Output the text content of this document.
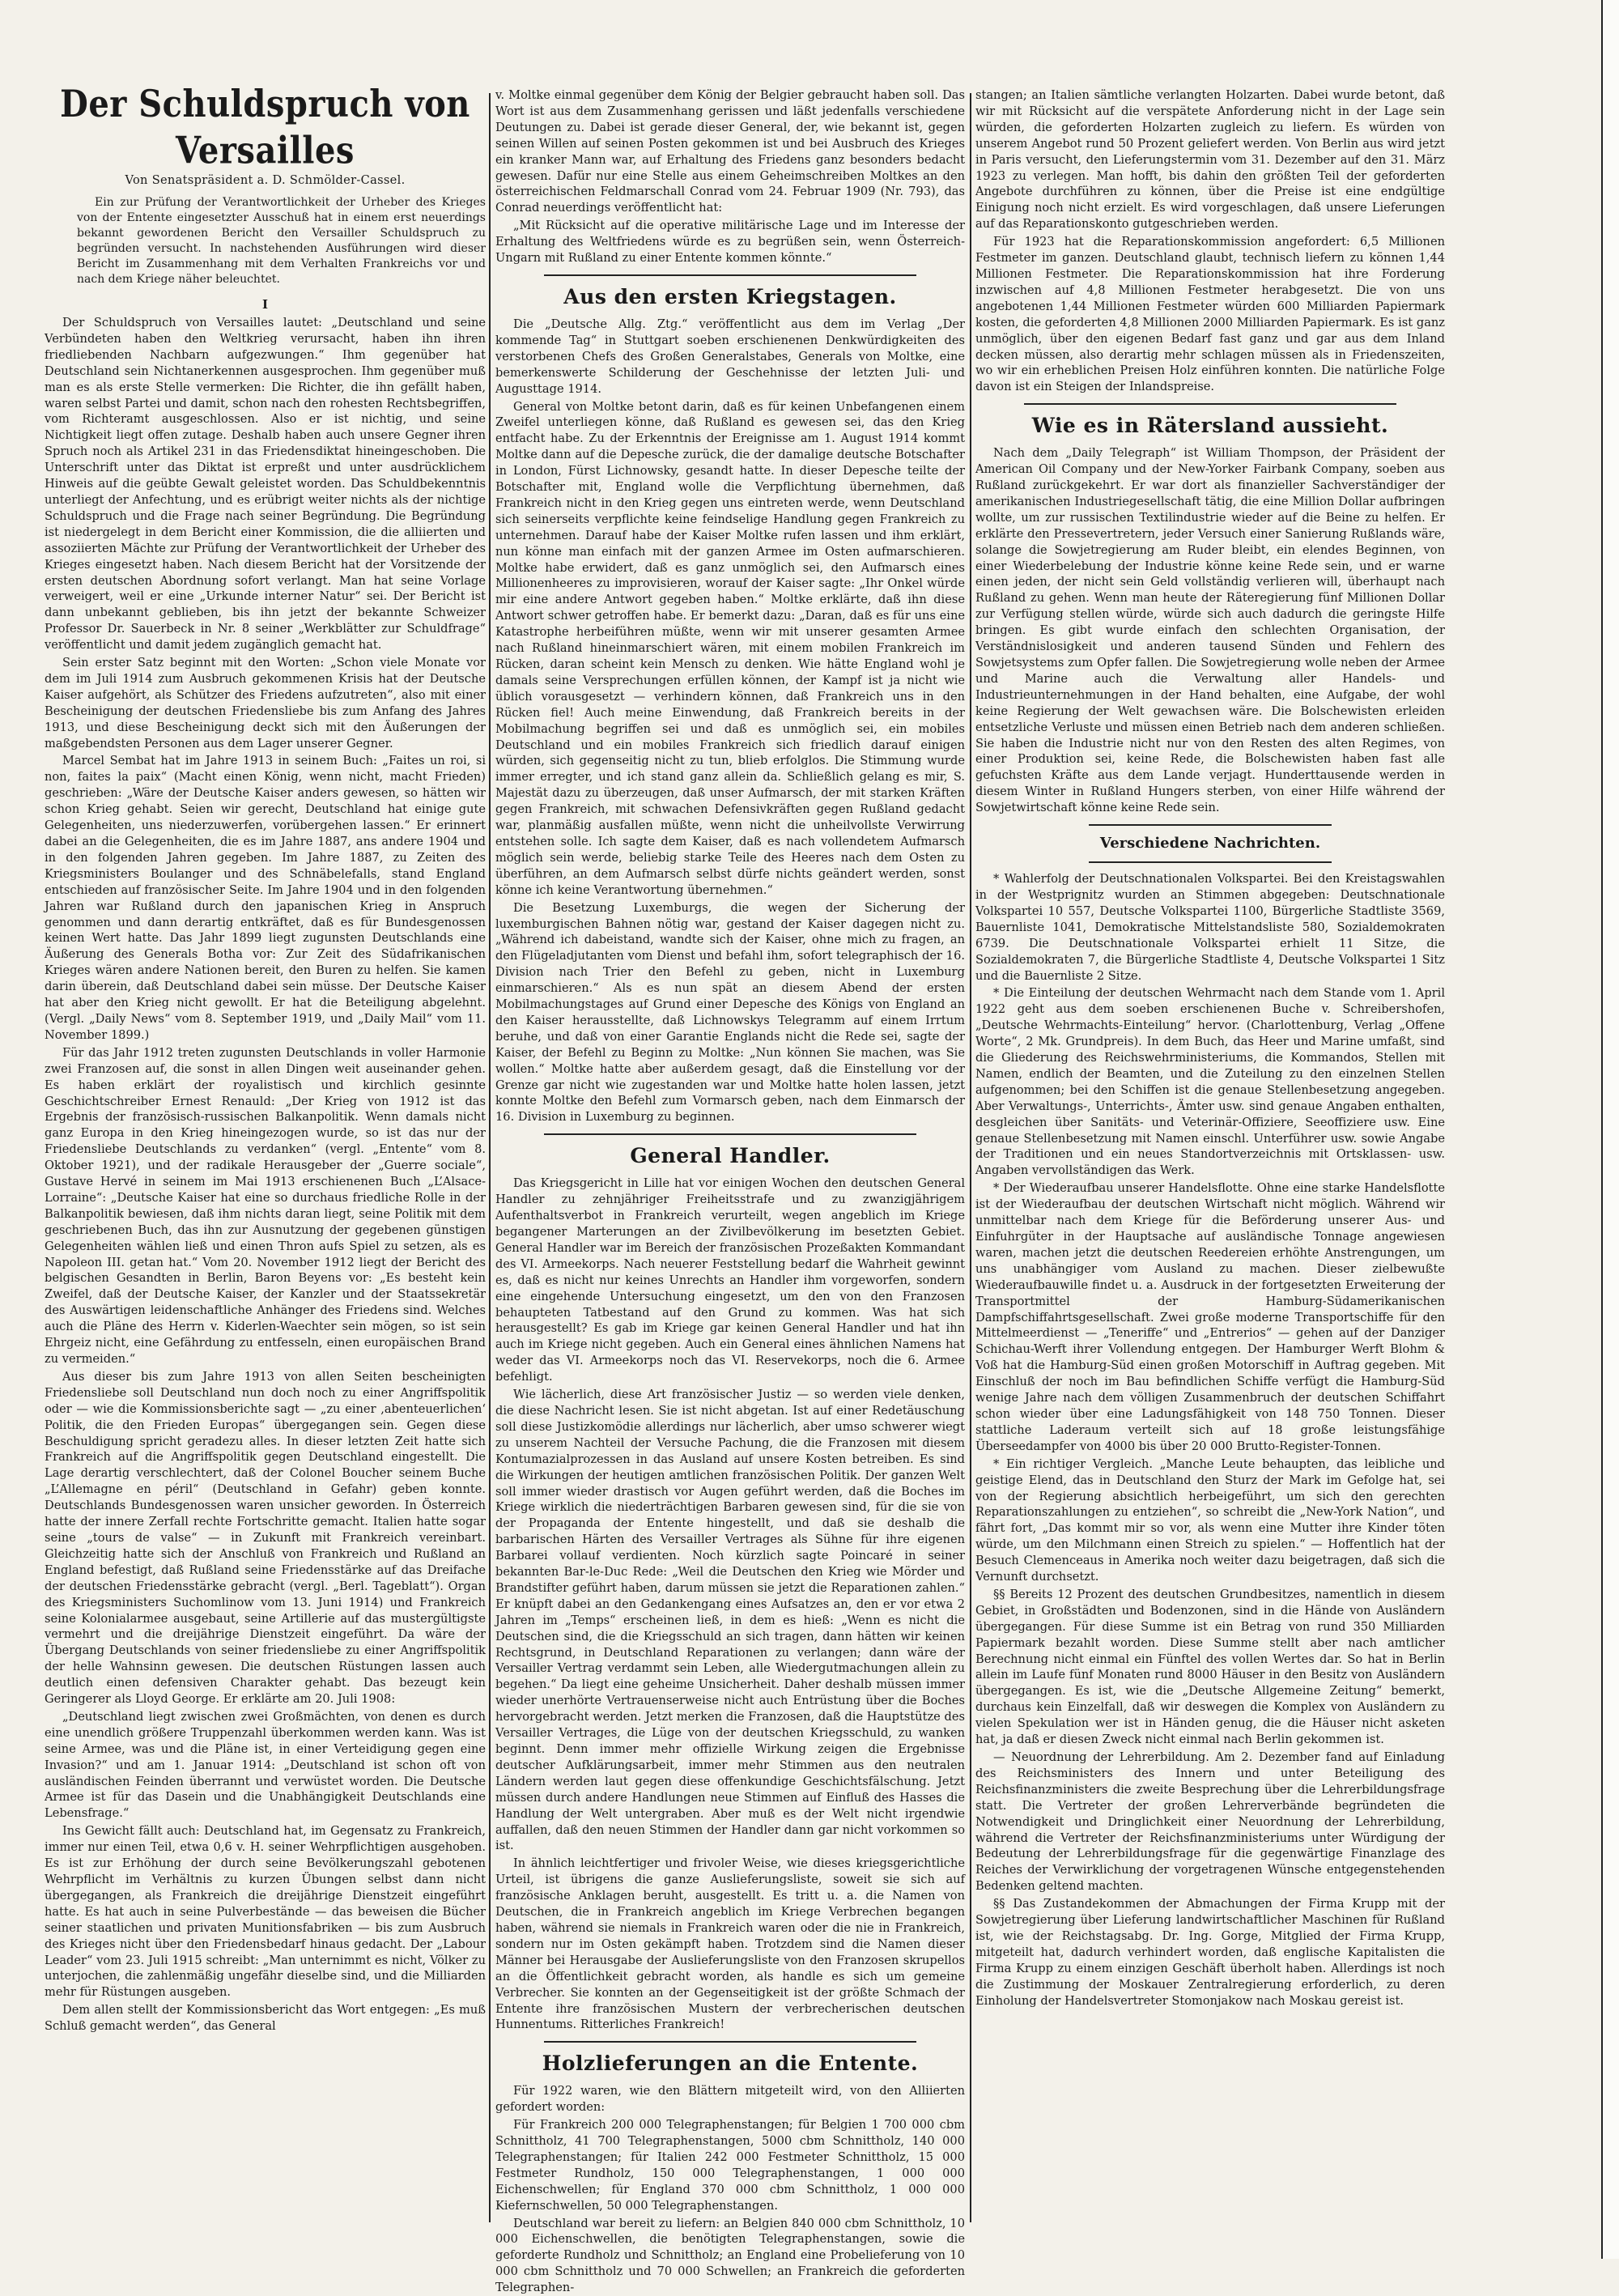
Der Schuldspruch von Versailles
Von Senatspräsident a. D. Schmölder-Cassel.

Ein zur Prüfung der Verantwortlichkeit der Urheber des Krieges von der Entente eingesetzter Ausschuß hat in einem erst neuerdings bekannt gewordenen Bericht den Versailler Schuldspruch zu begründen versucht. In nachstehenden Ausführungen wird dieser Bericht im Zusammenhang mit dem Verhalten Frankreichs vor und nach dem Kriege näher beleuchtet.

I

Der Schuldspruch von Versailles lautet: „Deutschland und seine Verbündeten haben den Weltkrieg verursacht, haben ihn ihren friedliebenden Nachbarn aufgezwungen.“ Ihm gegenüber hat Deutschland sein Nichtanerkennen ausgesprochen. Ihm gegenüber muß man es als erste Stelle vermerken: Die Richter, die ihn gefällt haben, waren selbst Partei und damit, schon nach den rohesten Rechtsbegriffen, vom Richteramt ausgeschlossen. Also er ist nichtig, und seine Nichtigkeit liegt offen zutage. Deshalb haben auch unsere Gegner ihren Spruch noch als Artikel 231 in das Friedensdiktat hineingeschoben. Die Unterschrift unter das Diktat ist erpreßt und unter ausdrücklichem Hinweis auf die geübte Gewalt geleistet worden. Das Schuldbekenntnis unterliegt der Anfechtung, und es erübrigt weiter nichts als der nichtige Schuldspruch und die Frage nach seiner Begründung. Die Begründung ist niedergelegt in dem Bericht einer Kommission, die die alliierten und assoziierten Mächte zur Prüfung der Verantwortlichkeit der Urheber des Krieges eingesetzt haben. Nach diesem Bericht hat der Vorsitzende der ersten deutschen Abordnung sofort verlangt. Man hat seine Vorlage verweigert, weil er eine „Urkunde interner Natur“ sei. Der Bericht ist dann unbekannt geblieben, bis ihn jetzt der bekannte Schweizer Professor Dr. Sauerbeck in Nr. 8 seiner „Werkblätter zur Schuldfrage“ veröffentlicht und damit jedem zugänglich gemacht hat.

Sein erster Satz beginnt mit den Worten: „Schon viele Monate vor dem im Juli 1914 zum Ausbruch gekommenen Krisis hat der Deutsche Kaiser aufgehört, als Schützer des Friedens aufzutreten“, also mit einer Bescheinigung der deutschen Friedensliebe bis zum Anfang des Jahres 1913, und diese Bescheinigung deckt sich mit den Äußerungen der maßgebendsten Personen aus dem Lager unserer Gegner.

Marcel Sembat hat im Jahre 1913 in seinem Buch: „Faites un roi, si non, faites la paix“ (Macht einen König, wenn nicht, macht Frieden) geschrieben: „Wäre der Deutsche Kaiser anders gewesen, so hätten wir schon Krieg gehabt. Seien wir gerecht, Deutschland hat einige gute Gelegenheiten, uns niederzuwerfen, vorübergehen lassen.“ Er erinnert dabei an die Gelegenheiten, die es im Jahre 1887, ans andere 1904 und in den folgenden Jahren gegeben. Im Jahre 1887, zu Zeiten des Kriegsministers Boulanger und des Schnäbelefalls, stand England entschieden auf französischer Seite. Im Jahre 1904 und in den folgenden Jahren war Rußland durch den japanischen Krieg in Anspruch genommen und dann derartig entkräftet, daß es für Bundesgenossen keinen Wert hatte. Das Jahr 1899 liegt zugunsten Deutschlands eine Äußerung des Generals Botha vor: Zur Zeit des Südafrikanischen Krieges wären andere Nationen bereit, den Buren zu helfen. Sie kamen darin überein, daß Deutschland dabei sein müsse. Der Deutsche Kaiser hat aber den Krieg nicht gewollt. Er hat die Beteiligung abgelehnt. (Vergl. „Daily News“ vom 8. September 1919, und „Daily Mail“ vom 11. November 1899.)

Für das Jahr 1912 treten zugunsten Deutschlands in voller Harmonie zwei Franzosen auf, die sonst in allen Dingen weit auseinander gehen. Es haben erklärt der royalistisch und kirchlich gesinnte Geschichtschreiber Ernest Renauld: „Der Krieg von 1912 ist das Ergebnis der französisch-russischen Balkanpolitik. Wenn damals nicht ganz Europa in den Krieg hineingezogen wurde, so ist das nur der Friedensliebe Deutschlands zu verdanken“ (vergl. „Entente“ vom 8. Oktober 1921), und der radikale Herausgeber der „Guerre sociale“, Gustave Hervé in seinem im Mai 1913 erschienenen Buch „L’Alsace-Lorraine“: „Deutsche Kaiser hat eine so durchaus friedliche Rolle in der Balkanpolitik bewiesen, daß ihm nichts daran liegt, seine Politik mit dem geschriebenen Buch, das ihn zur Ausnutzung der gegebenen günstigen Gelegenheiten wählen ließ und einen Thron aufs Spiel zu setzen, als es Napoleon III. getan hat.“ Vom 20. November 1912 liegt der Bericht des belgischen Gesandten in Berlin, Baron Beyens vor: „Es besteht kein Zweifel, daß der Deutsche Kaiser, der Kanzler und der Staatssekretär des Auswärtigen leidenschaftliche Anhänger des Friedens sind. Welches auch die Pläne des Herrn v. Kiderlen-Waechter sein mögen, so ist sein Ehrgeiz nicht, eine Gefährdung zu entfesseln, einen europäischen Brand zu vermeiden.“

Aus dieser bis zum Jahre 1913 von allen Seiten bescheinigten Friedensliebe soll Deutschland nun doch noch zu einer Angriffspolitik oder — wie die Kommissionsberichte sagt — „zu einer ‚abenteuerlichen‘ Politik, die den Frieden Europas“ übergegangen sein. Gegen diese Beschuldigung spricht geradezu alles. In dieser letzten Zeit hatte sich Frankreich auf die Angriffspolitik gegen Deutschland eingestellt. Die Lage derartig verschlechtert, daß der Colonel Boucher seinem Buche „L’Allemagne en péril“ (Deutschland in Gefahr) geben konnte. Deutschlands Bundesgenossen waren unsicher geworden. In Österreich hatte der innere Zerfall rechte Fortschritte gemacht. Italien hatte sogar seine „tours de valse“ — in Zukunft mit Frankreich vereinbart. Gleichzeitig hatte sich der Anschluß von Frankreich und Rußland an England befestigt, daß Rußland seine Friedensstärke auf das Dreifache der deutschen Friedensstärke gebracht (vergl. „Berl. Tageblatt“). Organ des Kriegsministers Suchomlinow vom 13. Juni 1914) und Frankreich seine Kolonialarmee ausgebaut, seine Artillerie auf das mustergültigste vermehrt und die dreijährige Dienstzeit eingeführt. Da wäre der Übergang Deutschlands von seiner friedensliebe zu einer Angriffspolitik der helle Wahnsinn gewesen. Die deutschen Rüstungen lassen auch deutlich einen defensiven Charakter gehabt. Das bezeugt kein Geringerer als Lloyd George. Er erklärte am 20. Juli 1908:

„Deutschland liegt zwischen zwei Großmächten, von denen es durch eine unendlich größere Truppenzahl überkommen werden kann. Was ist seine Armee, was und die Pläne ist, in einer Verteidigung gegen eine Invasion?“ und am 1. Januar 1914: „Deutschland ist schon oft von ausländischen Feinden überrannt und verwüstet worden. Die Deutsche Armee ist für das Dasein und die Unabhängigkeit Deutschlands eine Lebensfrage.“

Ins Gewicht fällt auch: Deutschland hat, im Gegensatz zu Frankreich, immer nur einen Teil, etwa 0,6 v. H. seiner Wehrpflichtigen ausgehoben. Es ist zur Erhöhung der durch seine Bevölkerungszahl gebotenen Wehrpflicht im Verhältnis zu kurzen Übungen selbst dann nicht übergegangen, als Frankreich die dreijährige Dienstzeit eingeführt hatte. Es hat auch in seine Pulverbestände — das beweisen die Bücher seiner staatlichen und privaten Munitionsfabriken — bis zum Ausbruch des Krieges nicht über den Friedensbedarf hinaus gedacht. Der „Labour Leader“ vom 23. Juli 1915 schreibt: „Man unternimmt es nicht, Völker zu unterjochen, die zahlenmäßig ungefähr dieselbe sind, und die Milliarden mehr für Rüstungen ausgeben.

Dem allen stellt der Kommissionsbericht das Wort entgegen: „Es muß Schluß gemacht werden“, das General

v. Moltke einmal gegenüber dem König der Belgier gebraucht haben soll. Das Wort ist aus dem Zusammenhang gerissen und läßt jedenfalls verschiedene Deutungen zu. Dabei ist gerade dieser General, der, wie bekannt ist, gegen seinen Willen auf seinen Posten gekommen ist und bei Ausbruch des Krieges ein kranker Mann war, auf Erhaltung des Friedens ganz besonders bedacht gewesen. Dafür nur eine Stelle aus einem Geheimschreiben Moltkes an den österreichischen Feldmarschall Conrad vom 24. Februar 1909 (Nr. 793), das Conrad neuerdings veröffentlicht hat:

„Mit Rücksicht auf die operative militärische Lage und im Interesse der Erhaltung des Weltfriedens würde es zu begrüßen sein, wenn Österreich-Ungarn mit Rußland zu einer Entente kommen könnte.“

Aus den ersten Kriegstagen.

Die „Deutsche Allg. Ztg.“ veröffentlicht aus dem im Verlag „Der kommende Tag“ in Stuttgart soeben erschienenen Denkwürdigkeiten des verstorbenen Chefs des Großen Generalstabes, Generals von Moltke, eine bemerkenswerte Schilderung der Geschehnisse der letzten Juli- und Augusttage 1914.

General von Moltke betont darin, daß es für keinen Unbefangenen einem Zweifel unterliegen könne, daß Rußland es gewesen sei, das den Krieg entfacht habe. Zu der Erkenntnis der Ereignisse am 1. August 1914 kommt Moltke dann auf die Depesche zurück, die der damalige deutsche Botschafter in London, Fürst Lichnowsky, gesandt hatte. In dieser Depesche teilte der Botschafter mit, England wolle die Verpflichtung übernehmen, daß Frankreich nicht in den Krieg gegen uns eintreten werde, wenn Deutschland sich seinerseits verpflichte keine feindselige Handlung gegen Frankreich zu unternehmen. Darauf habe der Kaiser Moltke rufen lassen und ihm erklärt, nun könne man einfach mit der ganzen Armee im Osten aufmarschieren. Moltke habe erwidert, daß es ganz unmöglich sei, den Aufmarsch eines Millionenheeres zu improvisieren, worauf der Kaiser sagte: „Ihr Onkel würde mir eine andere Antwort gegeben haben.“ Moltke erklärte, daß ihn diese Antwort schwer getroffen habe. Er bemerkt dazu: „Daran, daß es für uns eine Katastrophe herbeiführen müßte, wenn wir mit unserer gesamten Armee nach Rußland hineinmarschiert wären, mit einem mobilen Frankreich im Rücken, daran scheint kein Mensch zu denken. Wie hätte England wohl je damals seine Versprechungen erfüllen können, der Kampf ist ja nicht wie üblich vorausgesetzt — verhindern können, daß Frankreich uns in den Rücken fiel! Auch meine Einwendung, daß Frankreich bereits in der Mobilmachung begriffen sei und daß es unmöglich sei, ein mobiles Deutschland und ein mobiles Frankreich sich friedlich darauf einigen würden, sich gegenseitig nicht zu tun, blieb erfolglos. Die Stimmung wurde immer erregter, und ich stand ganz allein da. Schließlich gelang es mir, S. Majestät dazu zu überzeugen, daß unser Aufmarsch, der mit starken Kräften gegen Frankreich, mit schwachen Defensivkräften gegen Rußland gedacht war, planmäßig ausfallen müßte, wenn nicht die unheilvollste Verwirrung entstehen solle. Ich sagte dem Kaiser, daß es nach vollendetem Aufmarsch möglich sein werde, beliebig starke Teile des Heeres nach dem Osten zu überführen, an dem Aufmarsch selbst dürfe nichts geändert werden, sonst könne ich keine Verantwortung übernehmen.“

Die Besetzung Luxemburgs, die wegen der Sicherung der luxemburgischen Bahnen nötig war, gestand der Kaiser dagegen nicht zu. „Während ich dabeistand, wandte sich der Kaiser, ohne mich zu fragen, an den Flügeladjutanten vom Dienst und befahl ihm, sofort telegraphisch der 16. Division nach Trier den Befehl zu geben, nicht in Luxemburg einmarschieren.“ Als es nun spät an diesem Abend der ersten Mobilmachungstages auf Grund einer Depesche des Königs von England an den Kaiser herausstellte, daß Lichnowskys Telegramm auf einem Irrtum beruhe, und daß von einer Garantie Englands nicht die Rede sei, sagte der Kaiser, der Befehl zu Beginn zu Moltke: „Nun können Sie machen, was Sie wollen.“ Moltke hatte aber außerdem gesagt, daß die Einstellung vor der Grenze gar nicht wie zugestanden war und Moltke hatte holen lassen, jetzt konnte Moltke den Befehl zum Vormarsch geben, nach dem Einmarsch der 16. Division in Luxemburg zu beginnen.

General Handler.

Das Kriegsgericht in Lille hat vor einigen Wochen den deutschen General Handler zu zehnjähriger Freiheitsstrafe und zu zwanzigjährigem Aufenthaltsverbot in Frankreich verurteilt, wegen angeblich im Kriege begangener Marterungen an der Zivilbevölkerung im besetzten Gebiet. General Handler war im Bereich der französischen Prozeßakten Kommandant des VI. Armeekorps. Nach neuerer Feststellung bedarf die Wahrheit gewinnt es, daß es nicht nur keines Unrechts an Handler ihm vorgeworfen, sondern eine eingehende Untersuchung eingesetzt, um den von den Franzosen behaupteten Tatbestand auf den Grund zu kommen. Was hat sich herausgestellt? Es gab im Kriege gar keinen General Handler und hat ihn auch im Kriege nicht gegeben. Auch ein General eines ähnlichen Namens hat weder das VI. Armeekorps noch das VI. Reservekorps, noch die 6. Armee befehligt.

Wie lächerlich, diese Art französischer Justiz — so werden viele denken, die diese Nachricht lesen. Sie ist nicht abgetan. Ist auf einer Redetäuschung soll diese Justizkomödie allerdings nur lächerlich, aber umso schwerer wiegt zu unserem Nachteil der Versuche Pachung, die die Franzosen mit diesem Kontumazialprozessen in das Ausland auf unsere Kosten betreiben. Es sind die Wirkungen der heutigen amtlichen französischen Politik. Der ganzen Welt soll immer wieder drastisch vor Augen geführt werden, daß die Boches im Kriege wirklich die niederträchtigen Barbaren gewesen sind, für die sie von der Propaganda der Entente hingestellt, und daß sie deshalb die barbarischen Härten des Versailler Vertrages als Sühne für ihre eigenen Barbarei vollauf verdienten. Noch kürzlich sagte Poincaré in seiner bekannten Bar-le-Duc Rede: „Weil die Deutschen den Krieg wie Mörder und Brandstifter geführt haben, darum müssen sie jetzt die Reparationen zahlen.“ Er knüpft dabei an den Gedankengang eines Aufsatzes an, den er vor etwa 2 Jahren im „Temps“ erscheinen ließ, in dem es hieß: „Wenn es nicht die Deutschen sind, die die Kriegsschuld an sich tragen, dann hätten wir keinen Rechtsgrund, in Deutschland Reparationen zu verlangen; dann wäre der Versailler Vertrag verdammt sein Leben, alle Wiedergutmachungen allein zu begehen.“ Da liegt eine geheime Unsicherheit. Daher deshalb müssen immer wieder unerhörte Vertrauenserweise nicht auch Entrüstung über die Boches hervorgebracht werden. Jetzt merken die Franzosen, daß die Hauptstütze des Versailler Vertrages, die Lüge von der deutschen Kriegsschuld, zu wanken beginnt. Denn immer mehr offizielle Wirkung zeigen die Ergebnisse deutscher Aufklärungsarbeit, immer mehr Stimmen aus den neutralen Ländern werden laut gegen diese offenkundige Geschichtsfälschung. Jetzt müssen durch andere Handlungen neue Stimmen auf Einfluß des Hasses die Handlung der Welt untergraben. Aber muß es der Welt nicht irgendwie auffallen, daß den neuen Stimmen der Handler dann gar nicht vorkommen so ist.

In ähnlich leichtfertiger und frivoler Weise, wie dieses kriegsgerichtliche Urteil, ist übrigens die ganze Auslieferungsliste, soweit sie sich auf französische Anklagen beruht, ausgestellt. Es tritt u. a. die Namen von Deutschen, die in Frankreich angeblich im Kriege Verbrechen begangen haben, während sie niemals in Frankreich waren oder die nie in Frankreich, sondern nur im Osten gekämpft haben. Trotzdem sind die Namen dieser Männer bei Herausgabe der Auslieferungsliste von den Franzosen skrupellos an die Öffentlichkeit gebracht worden, als handle es sich um gemeine Verbrecher. Sie konnten an der Gegenseitigkeit ist der größte Schmach der Entente ihre französischen Mustern der verbrecherischen deutschen Hunnentums. Ritterliches Frankreich!

Holzlieferungen an die Entente.

Für 1922 waren, wie den Blättern mitgeteilt wird, von den Alliierten gefordert worden:

Für Frankreich 200 000 Telegraphenstangen; für Belgien 1 700 000 cbm Schnittholz, 41 700 Telegraphenstangen, 5000 cbm Schnittholz, 140 000 Telegraphenstangen; für Italien 242 000 Festmeter Schnittholz, 15 000 Festmeter Rundholz, 150 000 Telegraphenstangen, 1 000 000 Eichenschwellen; für England 370 000 cbm Schnittholz, 1 000 000 Kiefernschwellen, 50 000 Telegraphenstangen.

Deutschland war bereit zu liefern: an Belgien 840 000 cbm Schnittholz, 10 000 Eichenschwellen, die benötigten Telegraphenstangen, sowie die geforderte Rundholz und Schnittholz; an England eine Probelieferung von 10 000 cbm Schnittholz und 70 000 Schwellen; an Frankreich die geforderten Telegraphen-

stangen; an Italien sämtliche verlangten Holzarten. Dabei wurde betont, daß wir mit Rücksicht auf die verspätete Anforderung nicht in der Lage sein würden, die geforderten Holzarten zugleich zu liefern. Es würden von unserem Angebot rund 50 Prozent geliefert werden. Von Berlin aus wird jetzt in Paris versucht, den Lieferungstermin vom 31. Dezember auf den 31. März 1923 zu verlegen. Man hofft, bis dahin den größten Teil der geforderten Angebote durchführen zu können, über die Preise ist eine endgültige Einigung noch nicht erzielt. Es wird vorgeschlagen, daß unsere Lieferungen auf das Reparationskonto gutgeschrieben werden.

Für 1923 hat die Reparationskommission angefordert: 6,5 Millionen Festmeter im ganzen. Deutschland glaubt, technisch liefern zu können 1,44 Millionen Festmeter. Die Reparationskommission hat ihre Forderung inzwischen auf 4,8 Millionen Festmeter herabgesetzt. Die von uns angebotenen 1,44 Millionen Festmeter würden 600 Milliarden Papiermark kosten, die geforderten 4,8 Millionen 2000 Milliarden Papiermark. Es ist ganz unmöglich, über den eigenen Bedarf fast ganz und gar aus dem Inland decken müssen, also derartig mehr schlagen müssen als in Friedenszeiten, wo wir ein erheblichen Preisen Holz einführen konnten. Die natürliche Folge davon ist ein Steigen der Inlandspreise.

Wie es in Rätersland aussieht.

Nach dem „Daily Telegraph“ ist William Thompson, der Präsident der American Oil Company und der New-Yorker Fairbank Company, soeben aus Rußland zurückgekehrt. Er war dort als finanzieller Sachverständiger der amerikanischen Industriegesellschaft tätig, die eine Million Dollar aufbringen wollte, um zur russischen Textilindustrie wieder auf die Beine zu helfen. Er erklärte den Pressevertretern, jeder Versuch einer Sanierung Rußlands wäre, solange die Sowjetregierung am Ruder bleibt, ein elendes Beginnen, von einer Wiederbelebung der Industrie könne keine Rede sein, und er warne einen jeden, der nicht sein Geld vollständig verlieren will, überhaupt nach Rußland zu gehen. Wenn man heute der Räteregierung fünf Millionen Dollar zur Verfügung stellen würde, würde sich auch dadurch die geringste Hilfe bringen. Es gibt wurde einfach den schlechten Organisation, der Verständnislosigkeit und anderen tausend Sünden und Fehlern des Sowjetsystems zum Opfer fallen. Die Sowjetregierung wolle neben der Armee und Marine auch die Verwaltung aller Handels- und Industrieunternehmungen in der Hand behalten, eine Aufgabe, der wohl keine Regierung der Welt gewachsen wäre. Die Bolschewisten erleiden entsetzliche Verluste und müssen einen Betrieb nach dem anderen schließen. Sie haben die Industrie nicht nur von den Resten des alten Regimes, von einer Produktion sei, keine Rede, die Bolschewisten haben fast alle gefuchsten Kräfte aus dem Lande verjagt. Hunderttausende werden in diesem Winter in Rußland Hungers sterben, von einer Hilfe während der Sowjetwirtschaft könne keine Rede sein.

Verschiedene Nachrichten.

* Wahlerfolg der Deutschnationalen Volkspartei. Bei den Kreistagswahlen in der Westprignitz wurden an Stimmen abgegeben: Deutschnationale Volkspartei 10 557, Deutsche Volkspartei 1100, Bürgerliche Stadtliste 3569, Bauernliste 1041, Demokratische Mittelstandsliste 580, Sozialdemokraten 6739. Die Deutschnationale Volkspartei erhielt 11 Sitze, die Sozialdemokraten 7, die Bürgerliche Stadtliste 4, Deutsche Volkspartei 1 Sitz und die Bauernliste 2 Sitze.

* Die Einteilung der deutschen Wehrmacht nach dem Stande vom 1. April 1922 geht aus dem soeben erschienenen Buche v. Schreibershofen, „Deutsche Wehrmachts-Einteilung“ hervor. (Charlottenburg, Verlag „Offene Worte“, 2 Mk. Grundpreis). In dem Buch, das Heer und Marine umfaßt, sind die Gliederung des Reichswehrministeriums, die Kommandos, Stellen mit Namen, endlich der Beamten, und die Zuteilung zu den einzelnen Stellen aufgenommen; bei den Schiffen ist die genaue Stellenbesetzung angegeben. Aber Verwaltungs-, Unterrichts-, Ämter usw. sind genaue Angaben enthalten, desgleichen über Sanitäts- und Veterinär-Offiziere, Seeoffiziere usw. Eine genaue Stellenbesetzung mit Namen einschl. Unterführer usw. sowie Angabe der Traditionen und ein neues Standortverzeichnis mit Ortsklassen- usw. Angaben vervollständigen das Werk.

* Der Wiederaufbau unserer Handelsflotte. Ohne eine starke Handelsflotte ist der Wiederaufbau der deutschen Wirtschaft nicht möglich. Während wir unmittelbar nach dem Kriege für die Beförderung unserer Aus- und Einfuhrgüter in der Hauptsache auf ausländische Tonnage angewiesen waren, machen jetzt die deutschen Reedereien erhöhte Anstrengungen, um uns unabhängiger vom Ausland zu machen. Dieser zielbewußte Wiederaufbauwille findet u. a. Ausdruck in der fortgesetzten Erweiterung der Transportmittel der Hamburg-Südamerikanischen Dampfschiffahrtsgesellschaft. Zwei große moderne Transportschiffe für den Mittelmeerdienst — „Teneriffe“ und „Entrerios“ — gehen auf der Danziger Schichau-Werft ihrer Vollendung entgegen. Der Hamburger Werft Blohm & Voß hat die Hamburg-Süd einen großen Motorschiff in Auftrag gegeben. Mit Einschluß der noch im Bau befindlichen Schiffe verfügt die Hamburg-Süd wenige Jahre nach dem völligen Zusammenbruch der deutschen Schiffahrt schon wieder über eine Ladungsfähigkeit von 148 750 Tonnen. Dieser stattliche Laderaum verteilt sich auf 18 große leistungsfähige Überseedampfer von 4000 bis über 20 000 Brutto-Register-Tonnen.

* Ein richtiger Vergleich. „Manche Leute behaupten, das leibliche und geistige Elend, das in Deutschland den Sturz der Mark im Gefolge hat, sei von der Regierung absichtlich herbeigeführt, um sich den gerechten Reparationszahlungen zu entziehen“, so schreibt die „New-York Nation“, und fährt fort, „Das kommt mir so vor, als wenn eine Mutter ihre Kinder töten würde, um den Milchmann einen Streich zu spielen.“ — Hoffentlich hat der Besuch Clemenceaus in Amerika noch weiter dazu beigetragen, daß sich die Vernunft durchsetzt.

§§ Bereits 12 Prozent des deutschen Grundbesitzes, namentlich in diesem Gebiet, in Großstädten und Bodenzonen, sind in die Hände von Ausländern übergegangen. Für diese Summe ist ein Betrag von rund 350 Milliarden Papiermark bezahlt worden. Diese Summe stellt aber nach amtlicher Berechnung nicht einmal ein Fünftel des vollen Wertes dar. So hat in Berlin allein im Laufe fünf Monaten rund 8000 Häuser in den Besitz von Ausländern übergegangen. Es ist, wie die „Deutsche Allgemeine Zeitung“ bemerkt, durchaus kein Einzelfall, daß wir deswegen die Komplex von Ausländern zu vielen Spekulation wer ist in Händen genug, die die Häuser nicht asketen hat, ja daß er diesen Zweck nicht einmal nach Berlin gekommen ist.

— Neuordnung der Lehrerbildung. Am 2. Dezember fand auf Einladung des Reichsministers des Innern und unter Beteiligung des Reichsfinanzministers die zweite Besprechung über die Lehrerbildungsfrage statt. Die Vertreter der großen Lehrerverbände begründeten die Notwendigkeit und Dringlichkeit einer Neuordnung der Lehrerbildung, während die Vertreter der Reichsfinanzministeriums unter Würdigung der Bedeutung der Lehrerbildungsfrage für die gegenwärtige Finanzlage des Reiches der Verwirklichung der vorgetragenen Wünsche entgegenstehenden Bedenken geltend machten.

§§ Das Zustandekommen der Abmachungen der Firma Krupp mit der Sowjetregierung über Lieferung landwirtschaftlicher Maschinen für Rußland ist, wie der Reichstagsabg. Dr. Ing. Gorge, Mitglied der Firma Krupp, mitgeteilt hat, dadurch verhindert worden, daß englische Kapitalisten die Firma Krupp zu einem einzigen Geschäft überholt haben. Allerdings ist noch die Zustimmung der Moskauer Zentralregierung erforderlich, zu deren Einholung der Handelsvertreter Stomonjakow nach Moskau gereist ist.
